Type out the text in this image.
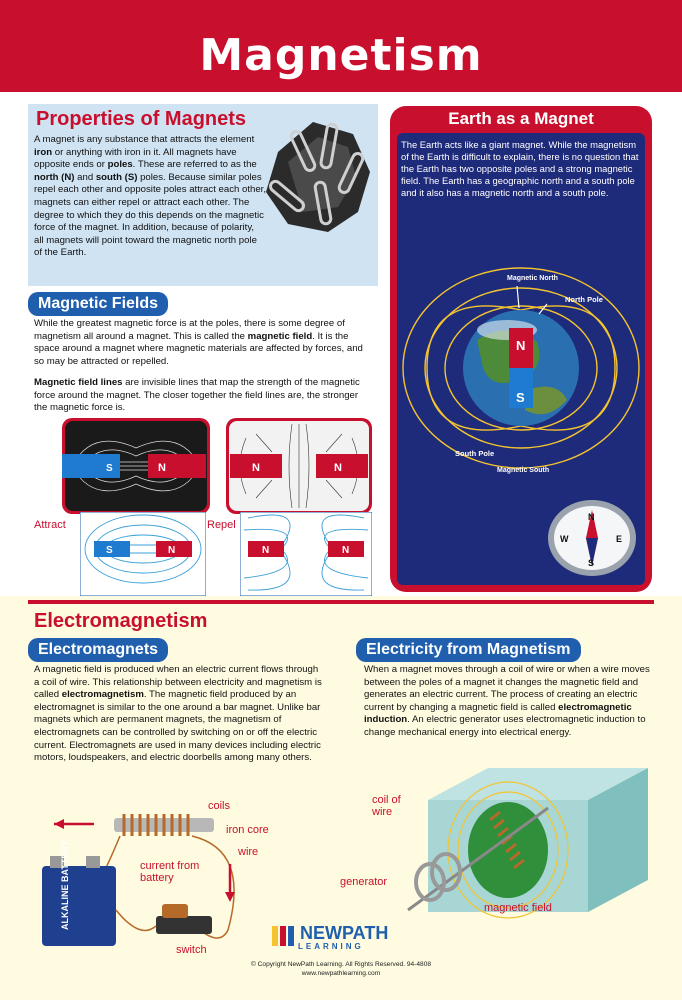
Magnetism
Properties of Magnets

A magnet is any substance that attracts the element iron or anything with iron in it. All magnets have opposite ends or poles. These are referred to as the north (N) and south (S) poles. Because similar poles repel each other and opposite poles attract each other, magnets can either repel or attract each other. The degree to which they do this depends on the magnetic force of the magnet. In addition, because of polarity, all magnets will point toward the magnetic north pole of the Earth.

Magnetic Fields

While the greatest magnetic force is at the poles, there is some degree of magnetism all around a magnet. This is called the magnetic field. It is the space around a magnet where magnetic materials are affected by forces, and so may be attracted or repelled.

Magnetic field lines are invisible lines that map the strength of the magnetic force around the magnet. The closer together the field lines are, the stronger the magnetic force is.

S	N
S	N
Attract
N	N
N	N
Repel
Earth as a Magnet

The Earth acts like a giant magnet. While the magnetism of the Earth is difficult to explain, there is no question that the Earth has two opposite poles and a strong magnetic field. The Earth has a geographic north and a south pole and it also has a magnetic north and a south pole.

N
S
Magnetic North
North Pole
South Pole
Magnetic South
N
S
E
W
Electromagnetism
Electromagnets

A magnetic field is produced when an electric current flows through a coil of wire. This relationship between electricity and magnetism is called electromagnetism. The magnetic field produced by an electromagnet is similar to the one around a bar magnet. Unlike bar magnets which are permanent magnets, the magnetism of electromagnets can be controlled by switching on or off the electric current. Electromagnets are used in many devices including electric motors, loudspeakers, and electric doorbells among many others.

Electricity from Magnetism

When a magnet moves through a coil of wire or when a wire moves between the poles of a magnet it changes the magnetic field and generates an electric current. The process of creating an electric current by changing a magnetic field is called electromagnetic induction. An electric generator uses electromagnetic induction to change mechanical energy into electrical energy.

ALKALINE BATTERY
coils
iron core
wire
current from battery
switch
coil of wire
generator
magnetic field
NEWPATH
LEARNING
© Copyright NewPath Learning. All Rights Reserved. 94-4808
www.newpathlearning.com
